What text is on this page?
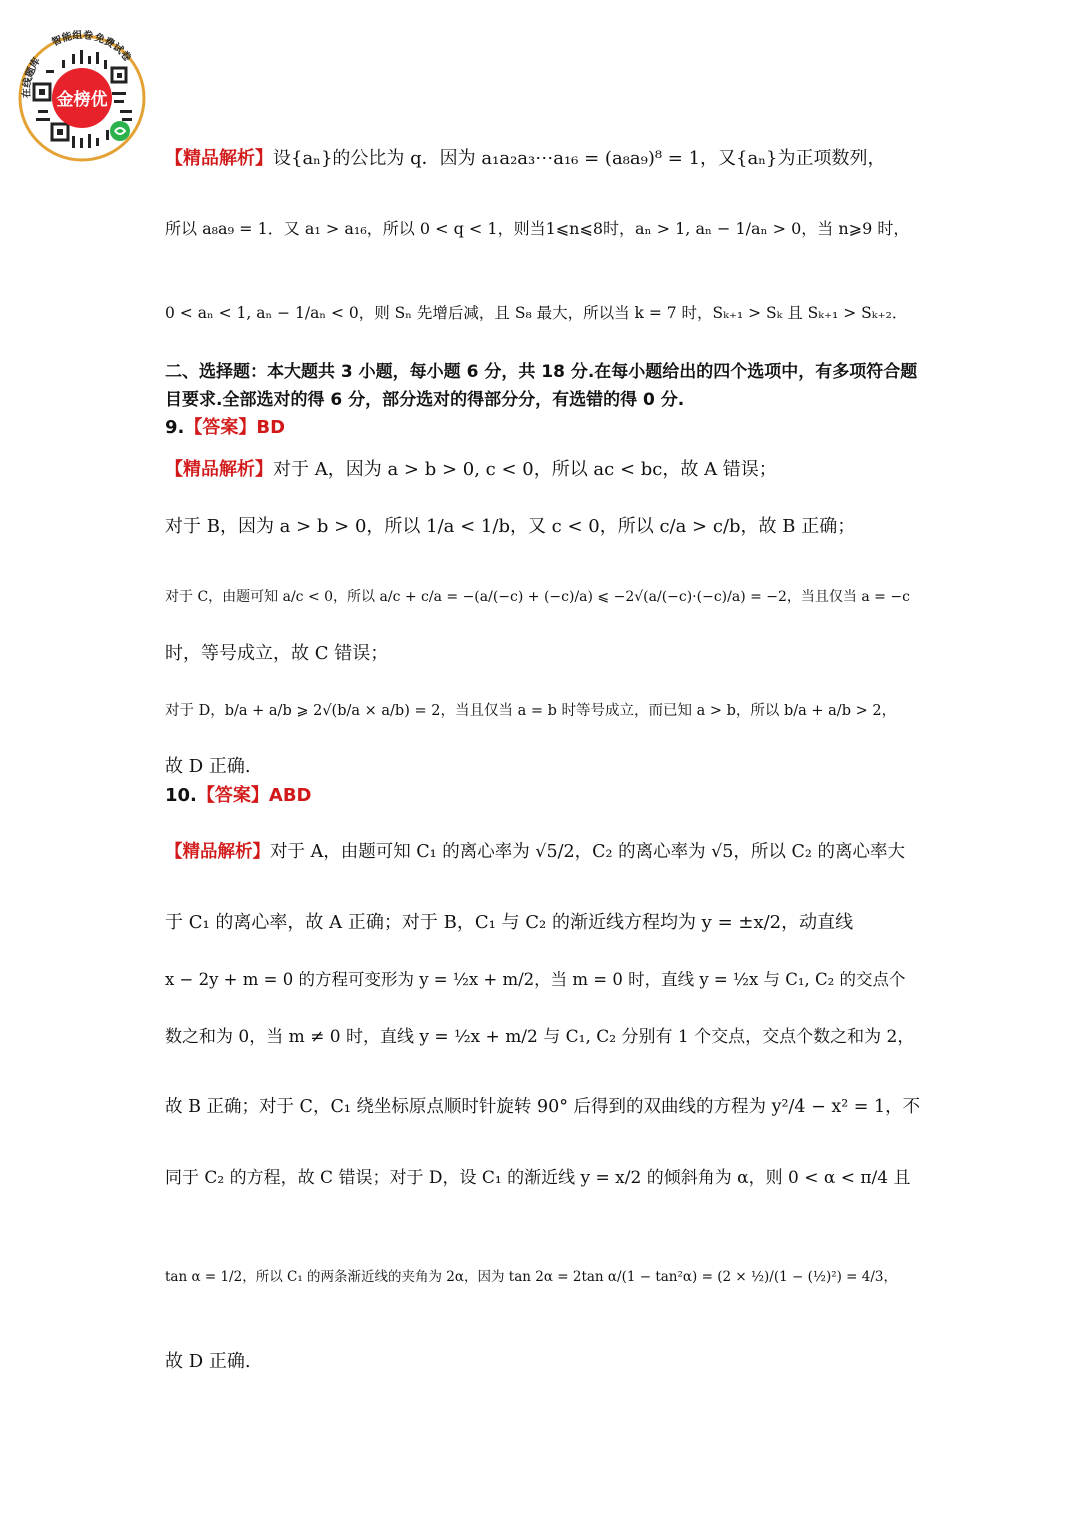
金榜优
在线题库
智能组卷 免费试卷
【精品解析】设{aₙ}的公比为 q．因为 a₁a₂a₃⋯a₁₆ = (a₈a₉)⁸ = 1，又{aₙ}为正项数列，
所以 a₈a₉ = 1．又 a₁ > a₁₆，所以 0 < q < 1，则当1⩽n⩽8时，aₙ > 1, aₙ − 1/aₙ > 0，当 n⩾9 时，
0 < aₙ < 1, aₙ − 1/aₙ < 0，则 Sₙ 先增后减，且 S₈ 最大，所以当 k = 7 时，Sₖ₊₁ > Sₖ 且 Sₖ₊₁ > Sₖ₊₂．
二、选择题：本大题共 3 小题，每小题 6 分，共 18 分.在每小题给出的四个选项中，有多项符合题目要求.全部选对的得 6 分，部分选对的得部分分，有选错的得 0 分.
9.【答案】BD
【精品解析】对于 A，因为 a > b > 0, c < 0，所以 ac < bc，故 A 错误；
对于 B，因为 a > b > 0，所以 1/a < 1/b，又 c < 0，所以 c/a > c/b，故 B 正确；
对于 C，由题可知 a/c < 0，所以 a/c + c/a = −(a/(−c) + (−c)/a) ⩽ −2√(a/(−c)·(−c)/a) = −2，当且仅当 a = −c
时，等号成立，故 C 错误；
对于 D，b/a + a/b ⩾ 2√(b/a × a/b) = 2，当且仅当 a = b 时等号成立，而已知 a > b，所以 b/a + a/b > 2，
故 D 正确.
10.【答案】ABD
【精品解析】对于 A，由题可知 C₁ 的离心率为 √5/2，C₂ 的离心率为 √5，所以 C₂ 的离心率大
于 C₁ 的离心率，故 A 正确；对于 B，C₁ 与 C₂ 的渐近线方程均为 y = ±x/2，动直线
x − 2y + m = 0 的方程可变形为 y = ½x + m/2，当 m = 0 时，直线 y = ½x 与 C₁, C₂ 的交点个
数之和为 0，当 m ≠ 0 时，直线 y = ½x + m/2 与 C₁, C₂ 分别有 1 个交点，交点个数之和为 2，
故 B 正确；对于 C，C₁ 绕坐标原点顺时针旋转 90° 后得到的双曲线的方程为 y²/4 − x² = 1，不
同于 C₂ 的方程，故 C 错误；对于 D，设 C₁ 的渐近线 y = x/2 的倾斜角为 α，则 0 < α < π/4 且
tan α = 1/2，所以 C₁ 的两条渐近线的夹角为 2α，因为 tan 2α = 2tan α/(1 − tan²α) = (2 × ½)/(1 − (½)²) = 4/3，
故 D 正确.
